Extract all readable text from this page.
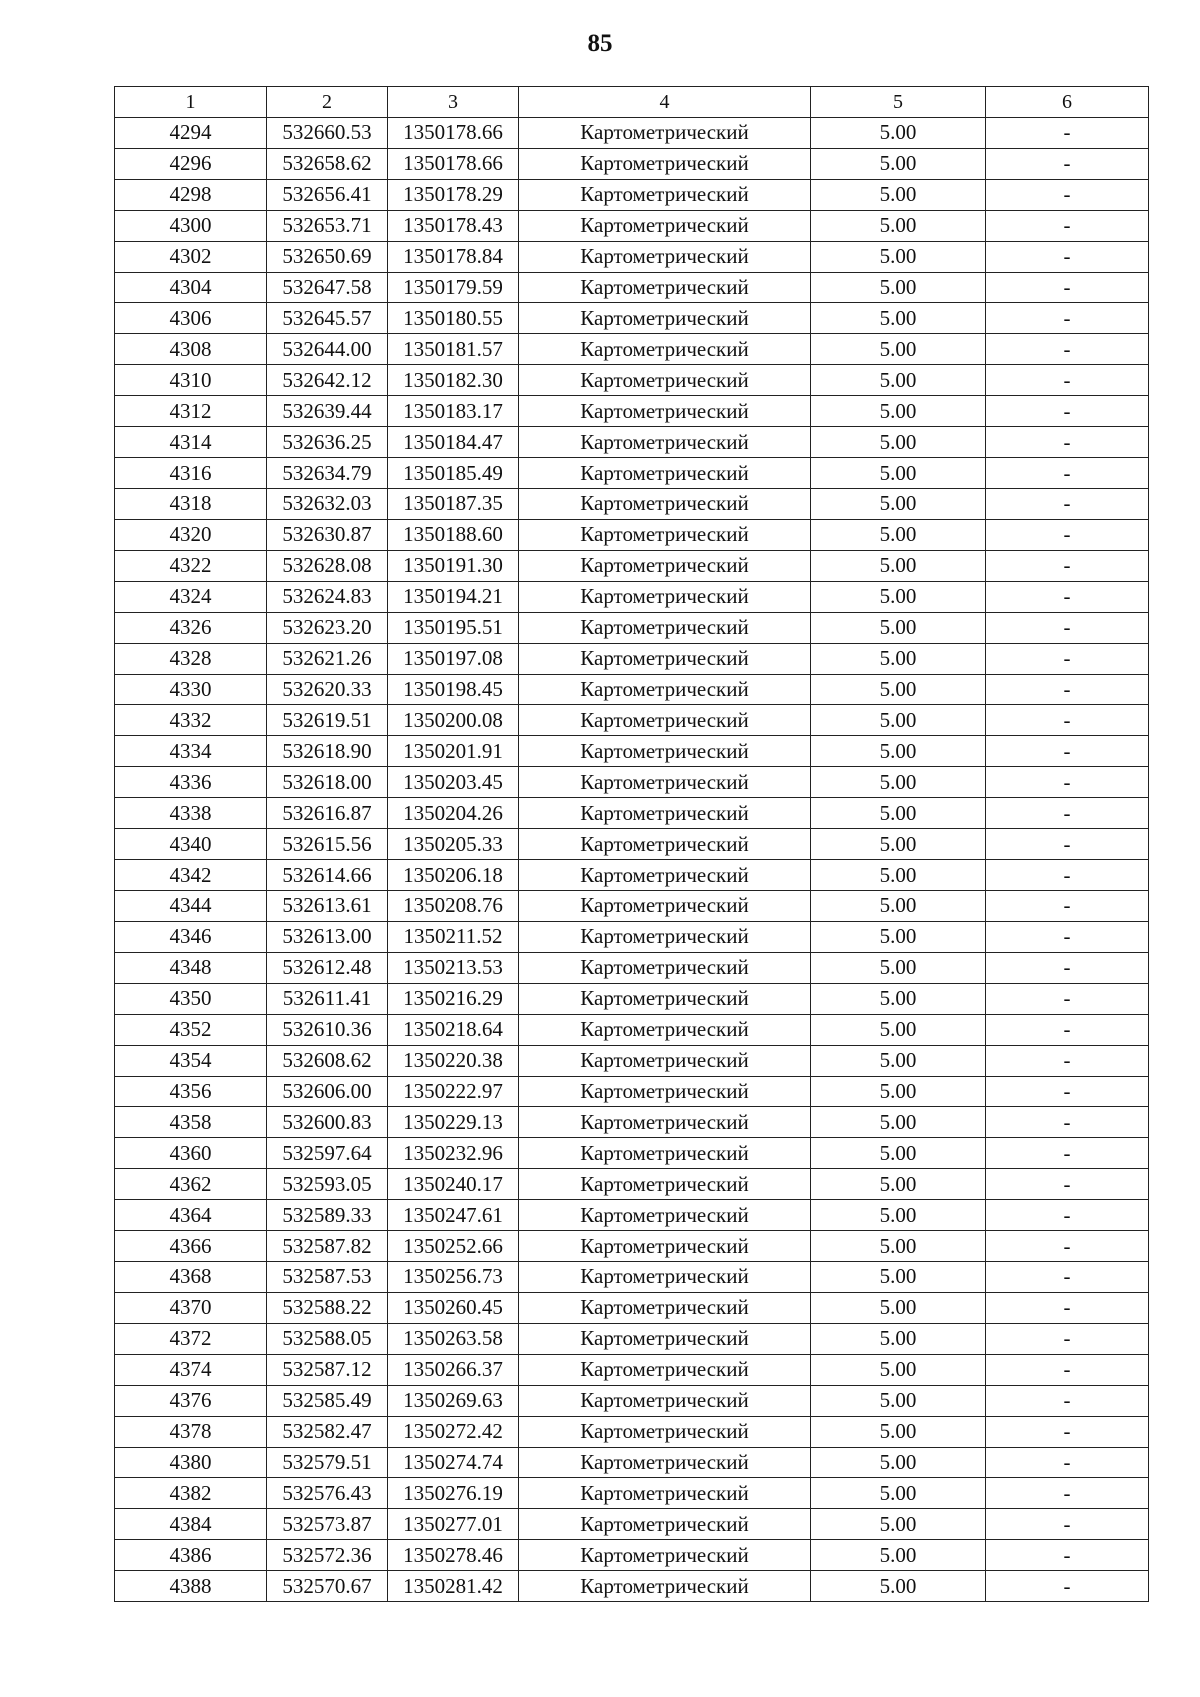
85
1	2	3	4	5	6
4294	532660.53	1350178.66	Картометрический	5.00	-
4296	532658.62	1350178.66	Картометрический	5.00	-
4298	532656.41	1350178.29	Картометрический	5.00	-
4300	532653.71	1350178.43	Картометрический	5.00	-
4302	532650.69	1350178.84	Картометрический	5.00	-
4304	532647.58	1350179.59	Картометрический	5.00	-
4306	532645.57	1350180.55	Картометрический	5.00	-
4308	532644.00	1350181.57	Картометрический	5.00	-
4310	532642.12	1350182.30	Картометрический	5.00	-
4312	532639.44	1350183.17	Картометрический	5.00	-
4314	532636.25	1350184.47	Картометрический	5.00	-
4316	532634.79	1350185.49	Картометрический	5.00	-
4318	532632.03	1350187.35	Картометрический	5.00	-
4320	532630.87	1350188.60	Картометрический	5.00	-
4322	532628.08	1350191.30	Картометрический	5.00	-
4324	532624.83	1350194.21	Картометрический	5.00	-
4326	532623.20	1350195.51	Картометрический	5.00	-
4328	532621.26	1350197.08	Картометрический	5.00	-
4330	532620.33	1350198.45	Картометрический	5.00	-
4332	532619.51	1350200.08	Картометрический	5.00	-
4334	532618.90	1350201.91	Картометрический	5.00	-
4336	532618.00	1350203.45	Картометрический	5.00	-
4338	532616.87	1350204.26	Картометрический	5.00	-
4340	532615.56	1350205.33	Картометрический	5.00	-
4342	532614.66	1350206.18	Картометрический	5.00	-
4344	532613.61	1350208.76	Картометрический	5.00	-
4346	532613.00	1350211.52	Картометрический	5.00	-
4348	532612.48	1350213.53	Картометрический	5.00	-
4350	532611.41	1350216.29	Картометрический	5.00	-
4352	532610.36	1350218.64	Картометрический	5.00	-
4354	532608.62	1350220.38	Картометрический	5.00	-
4356	532606.00	1350222.97	Картометрический	5.00	-
4358	532600.83	1350229.13	Картометрический	5.00	-
4360	532597.64	1350232.96	Картометрический	5.00	-
4362	532593.05	1350240.17	Картометрический	5.00	-
4364	532589.33	1350247.61	Картометрический	5.00	-
4366	532587.82	1350252.66	Картометрический	5.00	-
4368	532587.53	1350256.73	Картометрический	5.00	-
4370	532588.22	1350260.45	Картометрический	5.00	-
4372	532588.05	1350263.58	Картометрический	5.00	-
4374	532587.12	1350266.37	Картометрический	5.00	-
4376	532585.49	1350269.63	Картометрический	5.00	-
4378	532582.47	1350272.42	Картометрический	5.00	-
4380	532579.51	1350274.74	Картометрический	5.00	-
4382	532576.43	1350276.19	Картометрический	5.00	-
4384	532573.87	1350277.01	Картометрический	5.00	-
4386	532572.36	1350278.46	Картометрический	5.00	-
4388	532570.67	1350281.42	Картометрический	5.00	-
